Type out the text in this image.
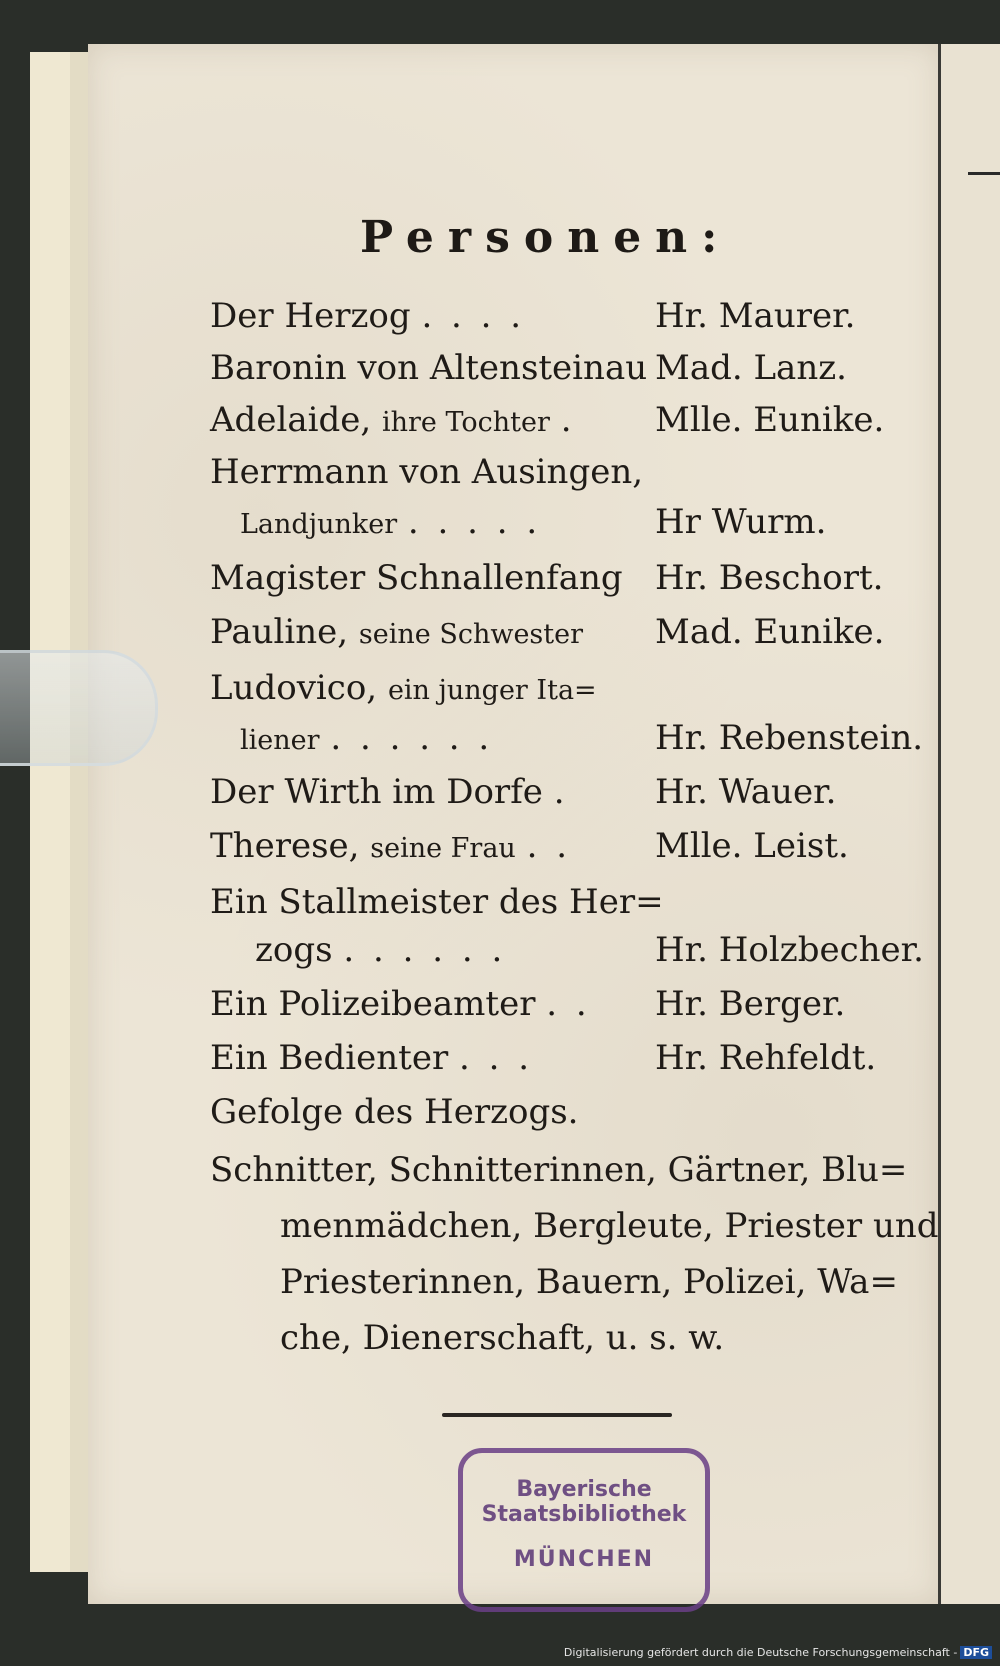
Personen:
Der Herzog . . . .	Hr. Maurer.
Baronin von Altensteinau Mad. Lanz.
Adelaide, ihre Tochter . Mlle. Eunike.
Herrmann von Ausingen,
Landjunker . . . . .	Hr Wurm.
Magister Schnallenfang Hr. Beschort.
Pauline, seine Schwester Mad. Eunike.
Ludovico, ein junger Ita=
liener . . . . . .	Hr. Rebenstein.
Der Wirth im Dorfe .	Hr. Wauer.
Therese, seine Frau . . Mlle. Leist.
Ein Stallmeister des Her=
zogs . . . . . .	Hr. Holzbecher.
Ein Polizeibeamter . . Hr. Berger.
Ein Bedienter . . .	Hr. Rehfeldt.
Gefolge des Herzogs.
Schnitter, Schnitterinnen, Gärtner, Blu=
menmädchen, Bergleute, Priester und
Priesterinnen, Bauern, Polizei, Wa=
che, Dienerschaft, u. s. w.
Bayerische
Staatsbibliothek
MÜNCHEN
Digitalisierung gefördert durch die Deutsche Forschungsgemeinschaft - DFG
